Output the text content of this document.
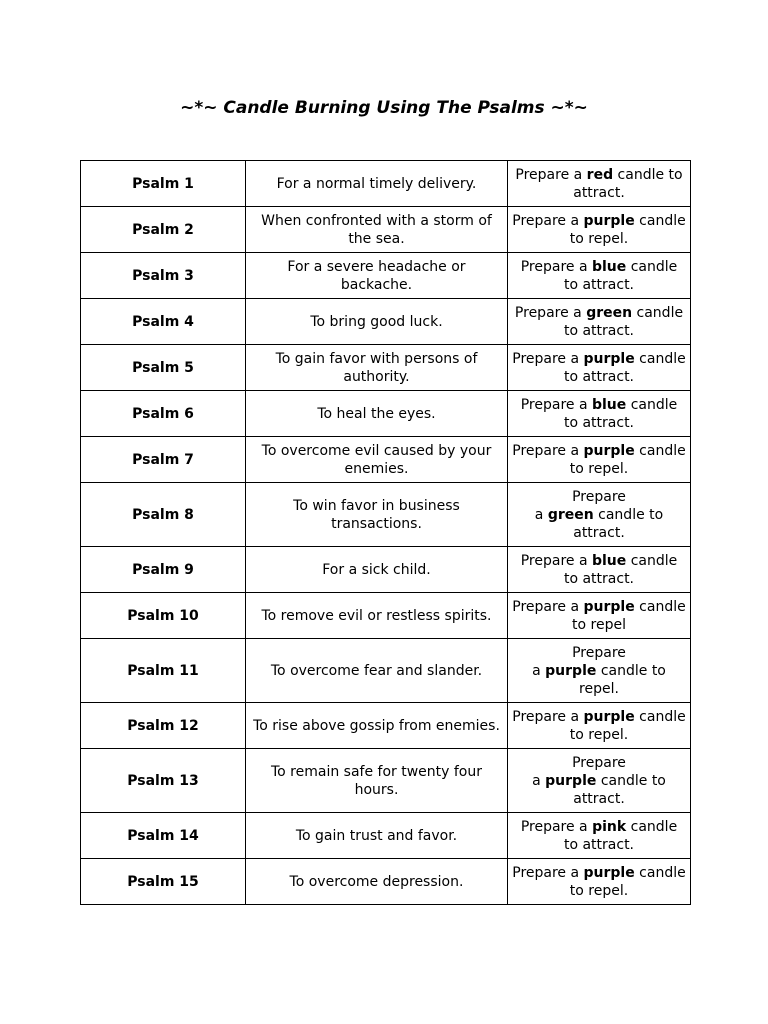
~*~ Candle Burning Using The Psalms ~*~
Psalm 1	For a normal timely delivery.	Prepare a red candle to attract.
Psalm 2	When confronted with a storm of the sea.	Prepare a purple candle to repel.
Psalm 3	For a severe headache or backache.	Prepare a blue candle to attract.
Psalm 4	To bring good luck.	Prepare a green candle to attract.
Psalm 5	To gain favor with persons of authority.	Prepare a purple candle to attract.
Psalm 6	To heal the eyes.	Prepare a blue candle to attract.
Psalm 7	To overcome evil caused by your enemies.	Prepare a purple candle to repel.
Psalm 8	To win favor in business transactions.	Prepare
a green candle to attract.
Psalm 9	For a sick child.	Prepare a blue candle to attract.
Psalm 10	To remove evil or restless spirits.	Prepare a purple candle to repel
Psalm 11	To overcome fear and slander.	Prepare
a purple candle to repel.
Psalm 12	To rise above gossip from enemies.	Prepare a purple candle to repel.
Psalm 13	To remain safe for twenty four hours.	Prepare
a purple candle to attract.
Psalm 14	To gain trust and favor.	Prepare a pink candle to attract.
Psalm 15	To overcome depression.	Prepare a purple candle to repel.
